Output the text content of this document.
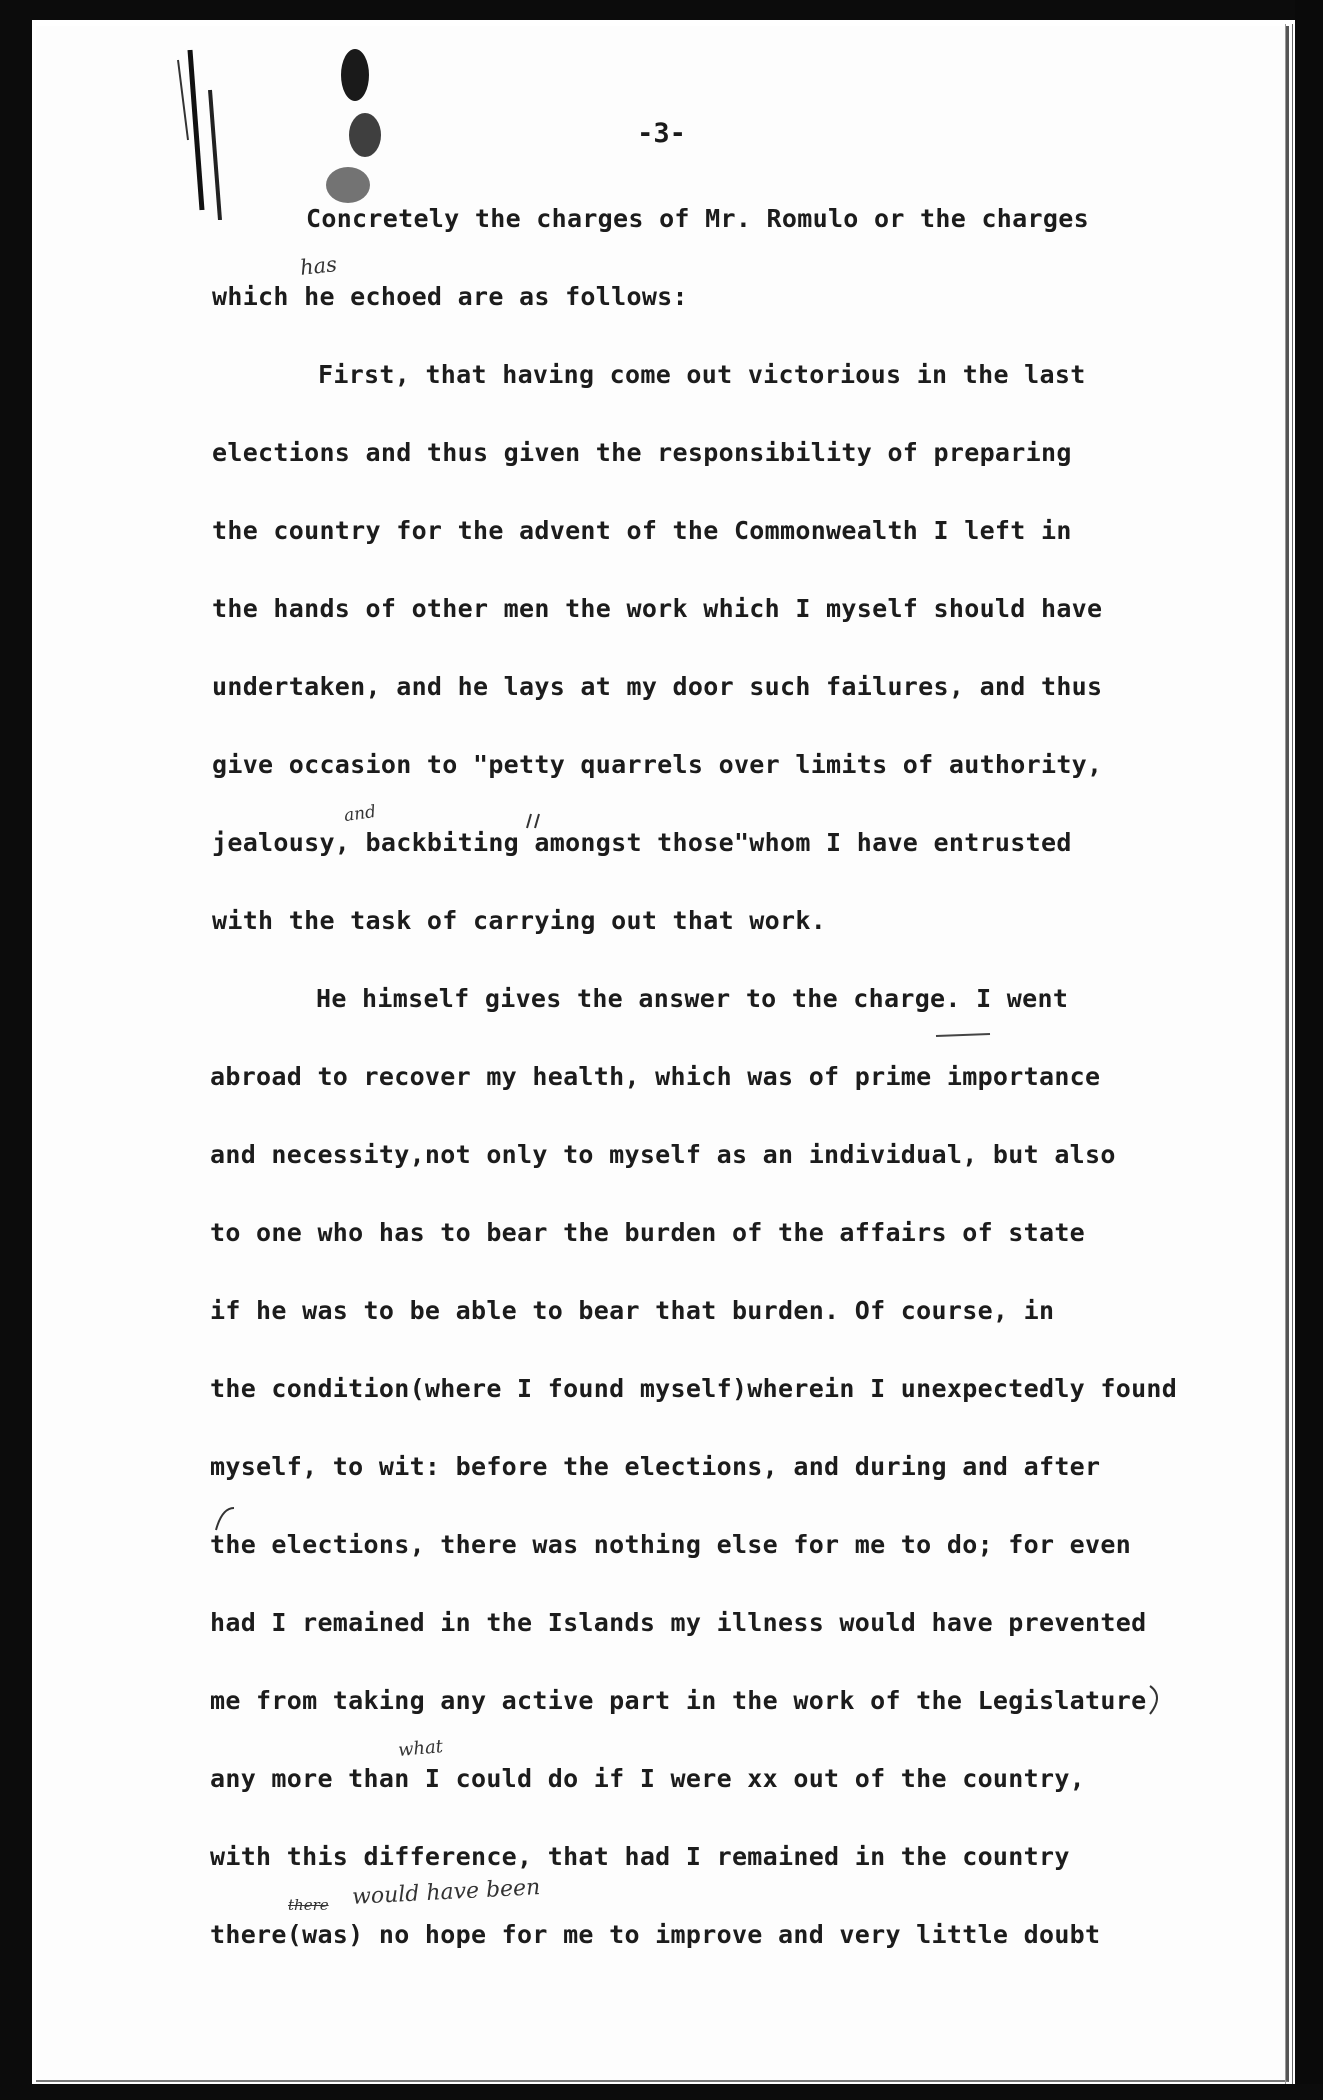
-3-
Concretely the charges of Mr. Romulo or the charges
which he echoed are as follows:
First, that having come out victorious in the last
elections and thus given the responsibility of preparing
the country for the advent of the Commonwealth I left in
the hands of other men the work which I myself should have
undertaken, and he lays at my door such failures, and thus
give occasion to "petty quarrels over limits of authority,
jealousy, backbiting amongst those"whom I have entrusted
with the task of carrying out that work.
He himself gives the answer to the charge. I went
abroad to recover my health, which was of prime importance
and necessity,not only to myself as an individual, but also
to one who has to bear the burden of the affairs of state
if he was to be able to bear that burden. Of course, in
the condition(where I found myself)wherein I unexpectedly found
myself, to wit: before the elections, and during and after
the elections, there was nothing else for me to do; for even
had I remained in the Islands my illness would have prevented
me from taking any active part in the work of the Legislature
any more than I could do if I were xx out of the country,
with this difference, that had I remained in the country
there(was) no hope for me to improve and very little doubt
has
and
what
would have been
there
